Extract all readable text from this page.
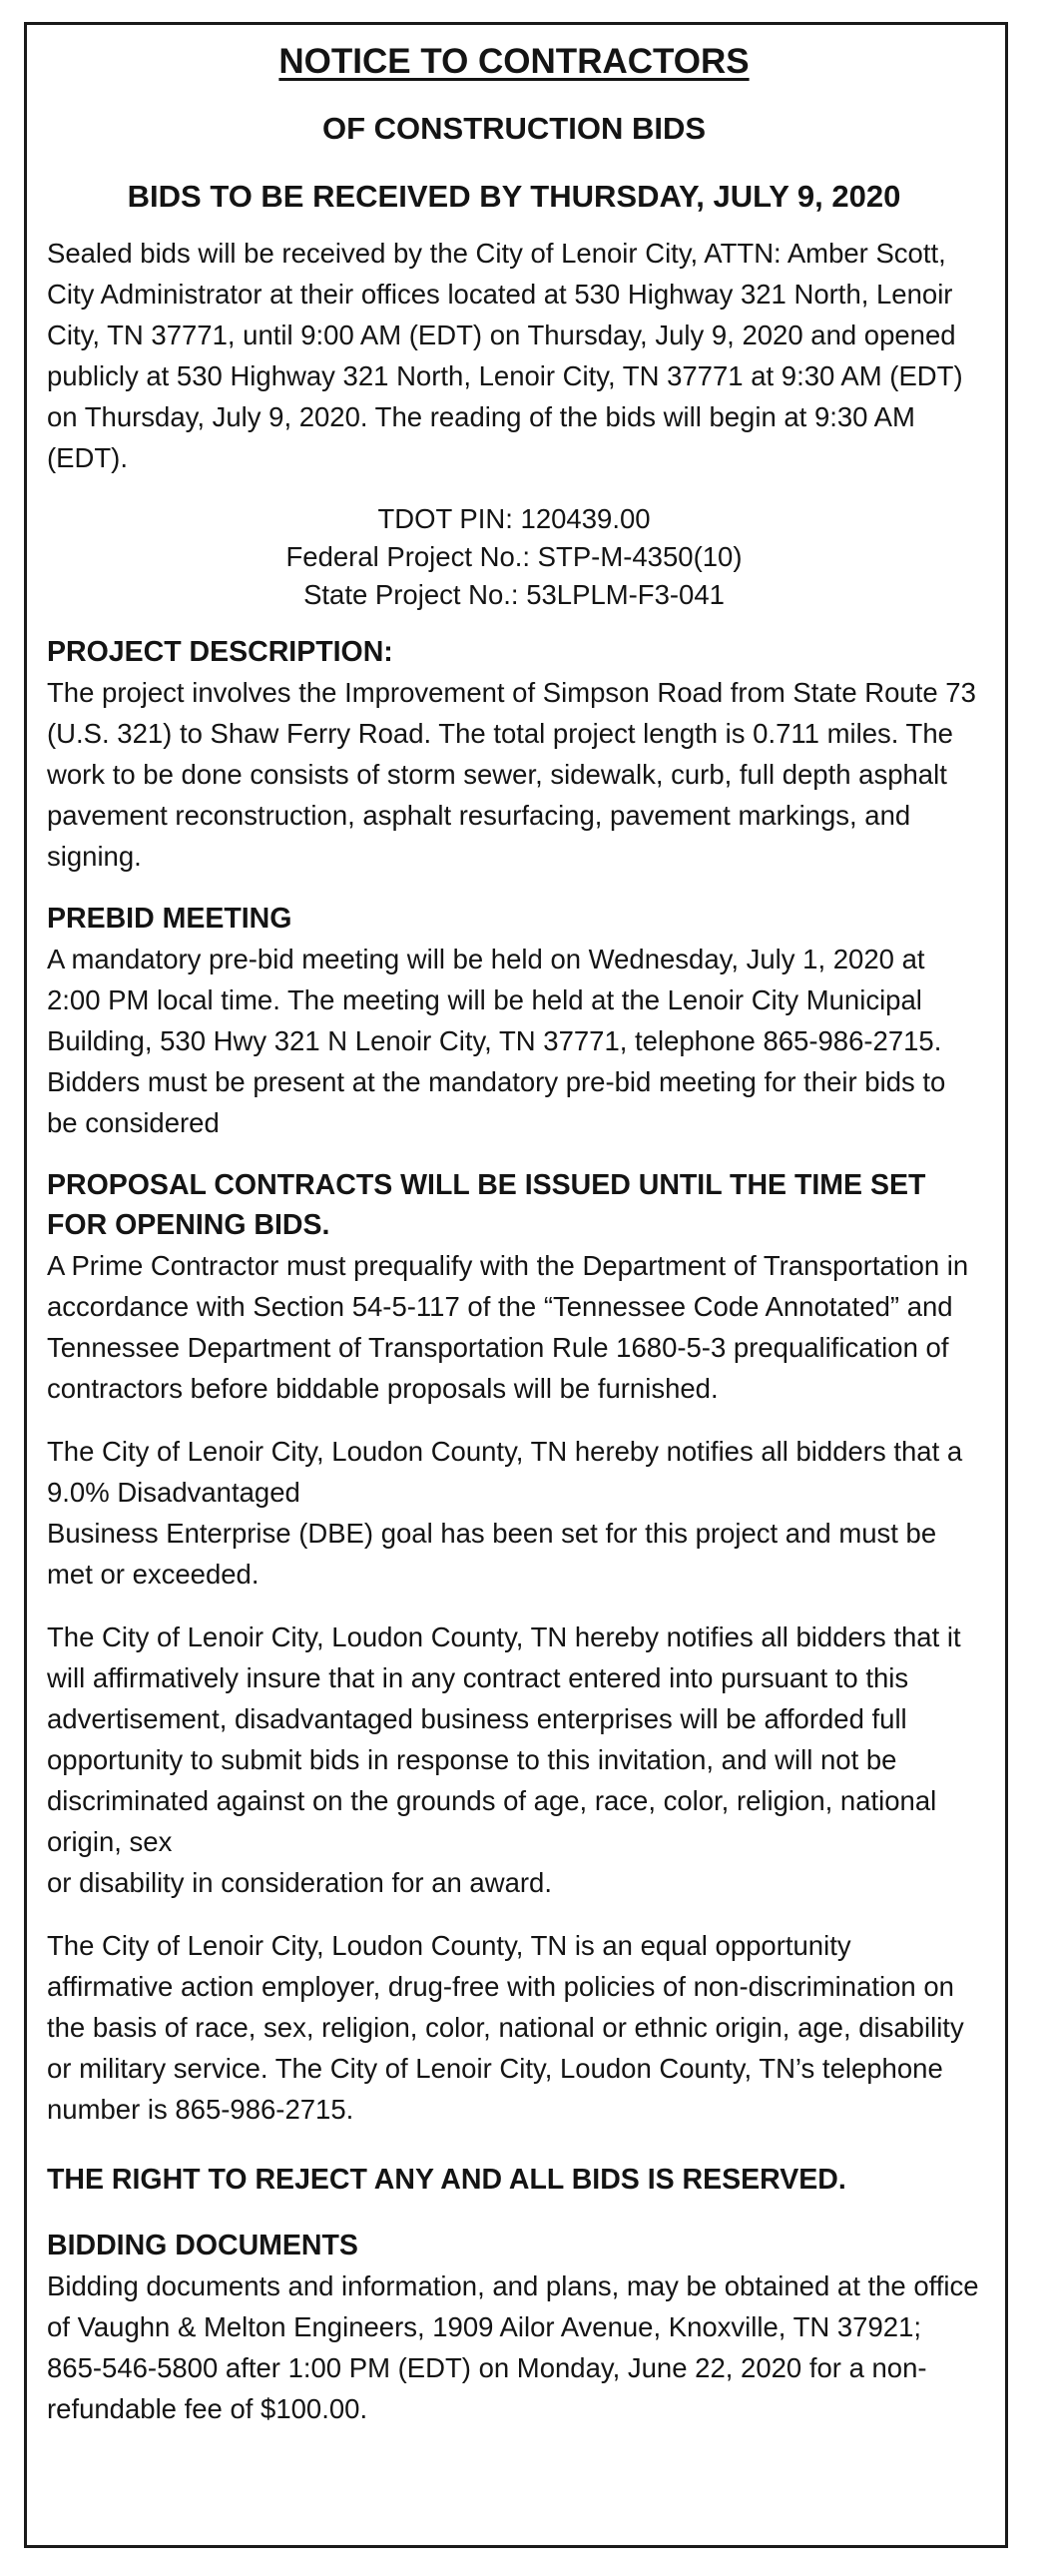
NOTICE TO CONTRACTORS
OF CONSTRUCTION BIDS
BIDS TO BE RECEIVED BY THURSDAY, JULY 9, 2020

Sealed bids will be received by the City of Lenoir City, ATTN: Amber Scott, City Administrator at their offices located at 530 Highway 321 North, Lenoir City, TN 37771, until 9:00 AM (EDT) on Thursday, July 9, 2020 and opened publicly at 530 Highway 321 North, Lenoir City, TN 37771 at 9:30 AM (EDT) on Thursday, July 9, 2020. The reading of the bids will begin at 9:30 AM (EDT).

TDOT PIN: 120439.00
Federal Project No.: STP-M-4350(10)
State Project No.: 53LPLM-F3-041
PROJECT DESCRIPTION:

The project involves the Improvement of Simpson Road from State Route 73 (U.S. 321) to Shaw Ferry Road. The total project length is 0.711 miles. The work to be done consists of storm sewer, sidewalk, curb, full depth asphalt pavement reconstruction, asphalt resurfacing, pavement markings, and signing.

PREBID MEETING

A mandatory pre-bid meeting will be held on Wednesday, July 1, 2020 at 2:00 PM local time. The meeting will be held at the Lenoir City Municipal Building, 530 Hwy 321 N Lenoir City, TN 37771, telephone 865-986-2715. Bidders must be present at the mandatory pre-bid meeting for their bids to be considered

PROPOSAL CONTRACTS WILL BE ISSUED UNTIL THE TIME SET FOR OPENING BIDS.

A Prime Contractor must prequalify with the Department of Transportation in accordance with Section 54-5-117 of the “Tennessee Code Annotated” and Tennessee Department of Transportation Rule 1680-5-3 prequalification of contractors before biddable proposals will be furnished.

The City of Lenoir City, Loudon County, TN hereby notifies all bidders that a 9.0% Disadvantaged

Business Enterprise (DBE) goal has been set for this project and must be met or exceeded.

The City of Lenoir City, Loudon County, TN hereby notifies all bidders that it will affirmatively insure that in any contract entered into pursuant to this advertisement, disadvantaged business enterprises will be afforded full opportunity to submit bids in response to this invitation, and will not be discriminated against on the grounds of age, race, color, religion, national origin, sex

or disability in consideration for an award.

The City of Lenoir City, Loudon County, TN is an equal opportunity affirmative action employer, drug-free with policies of non-discrimination on the basis of race, sex, religion, color, national or ethnic origin, age, disability or military service. The City of Lenoir City, Loudon County, TN’s telephone number is 865-986-2715.

THE RIGHT TO REJECT ANY AND ALL BIDS IS RESERVED.
BIDDING DOCUMENTS

Bidding documents and information, and plans, may be obtained at the office of Vaughn & Melton Engineers, 1909 Ailor Avenue, Knoxville, TN 37921; 865-546-5800 after 1:00 PM (EDT) on Monday, June 22, 2020 for a non-refundable fee of $100.00.
